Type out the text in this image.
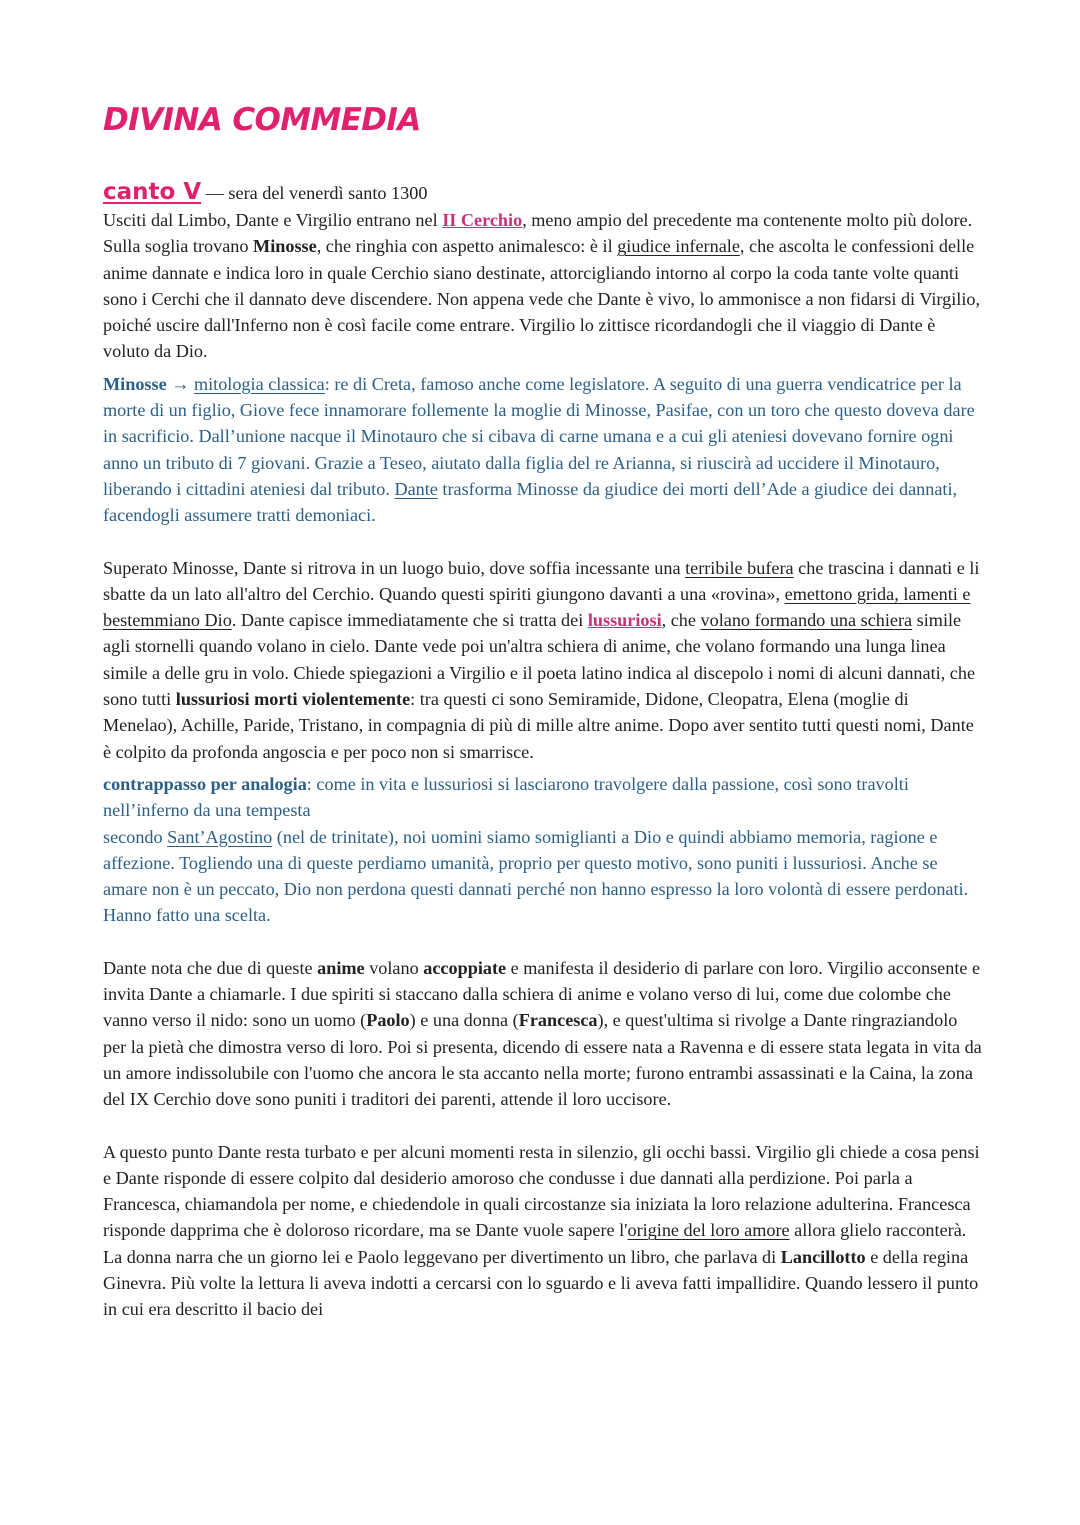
DIVINA COMMEDIA

canto V — sera del venerdì santo 1300

Usciti dal Limbo, Dante e Virgilio entrano nel II Cerchio, meno ampio del precedente ma contenente molto più dolore. Sulla soglia trovano Minosse, che ringhia con aspetto animalesco: è il giudice infernale, che ascolta le confessioni delle anime dannate e indica loro in quale Cerchio siano destinate, attorcigliando intorno al corpo la coda tante volte quanti sono i Cerchi che il dannato deve discendere. Non appena vede che Dante è vivo, lo ammonisce a non fidarsi di Virgilio, poiché uscire dall'Inferno non è così facile come entrare. Virgilio lo zittisce ricordandogli che il viaggio di Dante è voluto da Dio.

Minosse → mitologia classica: re di Creta, famoso anche come legislatore. A seguito di una guerra vendicatrice per la morte di un figlio, Giove fece innamorare follemente la moglie di Minosse, Pasifae, con un toro che questo doveva dare in sacrificio. Dall’unione nacque il Minotauro che si cibava di carne umana e a cui gli ateniesi dovevano fornire ogni anno un tributo di 7 giovani. Grazie a Teseo, aiutato dalla figlia del re Arianna, si riuscirà ad uccidere il Minotauro, liberando i cittadini ateniesi dal tributo. Dante trasforma Minosse da giudice dei morti dell’Ade a giudice dei dannati, facendogli assumere tratti demoniaci.

Superato Minosse, Dante si ritrova in un luogo buio, dove soffia incessante una terribile bufera che trascina i dannati e li sbatte da un lato all'altro del Cerchio. Quando questi spiriti giungono davanti a una «rovina», emettono grida, lamenti e bestemmiano Dio. Dante capisce immediatamente che si tratta dei lussuriosi, che volano formando una schiera simile agli stornelli quando volano in cielo. Dante vede poi un'altra schiera di anime, che volano formando una lunga linea simile a delle gru in volo. Chiede spiegazioni a Virgilio e il poeta latino indica al discepolo i nomi di alcuni dannati, che sono tutti lussuriosi morti violentemente: tra questi ci sono Semiramide, Didone, Cleopatra, Elena (moglie di Menelao), Achille, Paride, Tristano, in compagnia di più di mille altre anime. Dopo aver sentito tutti questi nomi, Dante è colpito da profonda angoscia e per poco non si smarrisce.

contrappasso per analogia: come in vita e lussuriosi si lasciarono travolgere dalla passione, così sono travolti nell’inferno da una tempesta
secondo Sant’Agostino (nel de trinitate), noi uomini siamo somiglianti a Dio e quindi abbiamo memoria, ragione e affezione. Togliendo una di queste perdiamo umanità, proprio per questo motivo, sono puniti i lussuriosi. Anche se amare non è un peccato, Dio non perdona questi dannati perché non hanno espresso la loro volontà di essere perdonati. Hanno fatto una scelta.

Dante nota che due di queste anime volano accoppiate e manifesta il desiderio di parlare con loro. Virgilio acconsente e invita Dante a chiamarle. I due spiriti si staccano dalla schiera di anime e volano verso di lui, come due colombe che vanno verso il nido: sono un uomo (Paolo) e una donna (Francesca), e quest'ultima si rivolge a Dante ringraziandolo per la pietà che dimostra verso di loro. Poi si presenta, dicendo di essere nata a Ravenna e di essere stata legata in vita da un amore indissolubile con l'uomo che ancora le sta accanto nella morte; furono entrambi assassinati e la Caina, la zona del IX Cerchio dove sono puniti i traditori dei parenti, attende il loro uccisore.

A questo punto Dante resta turbato e per alcuni momenti resta in silenzio, gli occhi bassi. Virgilio gli chiede a cosa pensi e Dante risponde di essere colpito dal desiderio amoroso che condusse i due dannati alla perdizione. Poi parla a Francesca, chiamandola per nome, e chiedendole in quali circostanze sia iniziata la loro relazione adulterina. Francesca risponde dapprima che è doloroso ricordare, ma se Dante vuole sapere l'origine del loro amore allora glielo racconterà. La donna narra che un giorno lei e Paolo leggevano per divertimento un libro, che parlava di Lancillotto e della regina Ginevra. Più volte la lettura li aveva indotti a cercarsi con lo sguardo e li aveva fatti impallidire. Quando lessero il punto in cui era descritto il bacio dei
